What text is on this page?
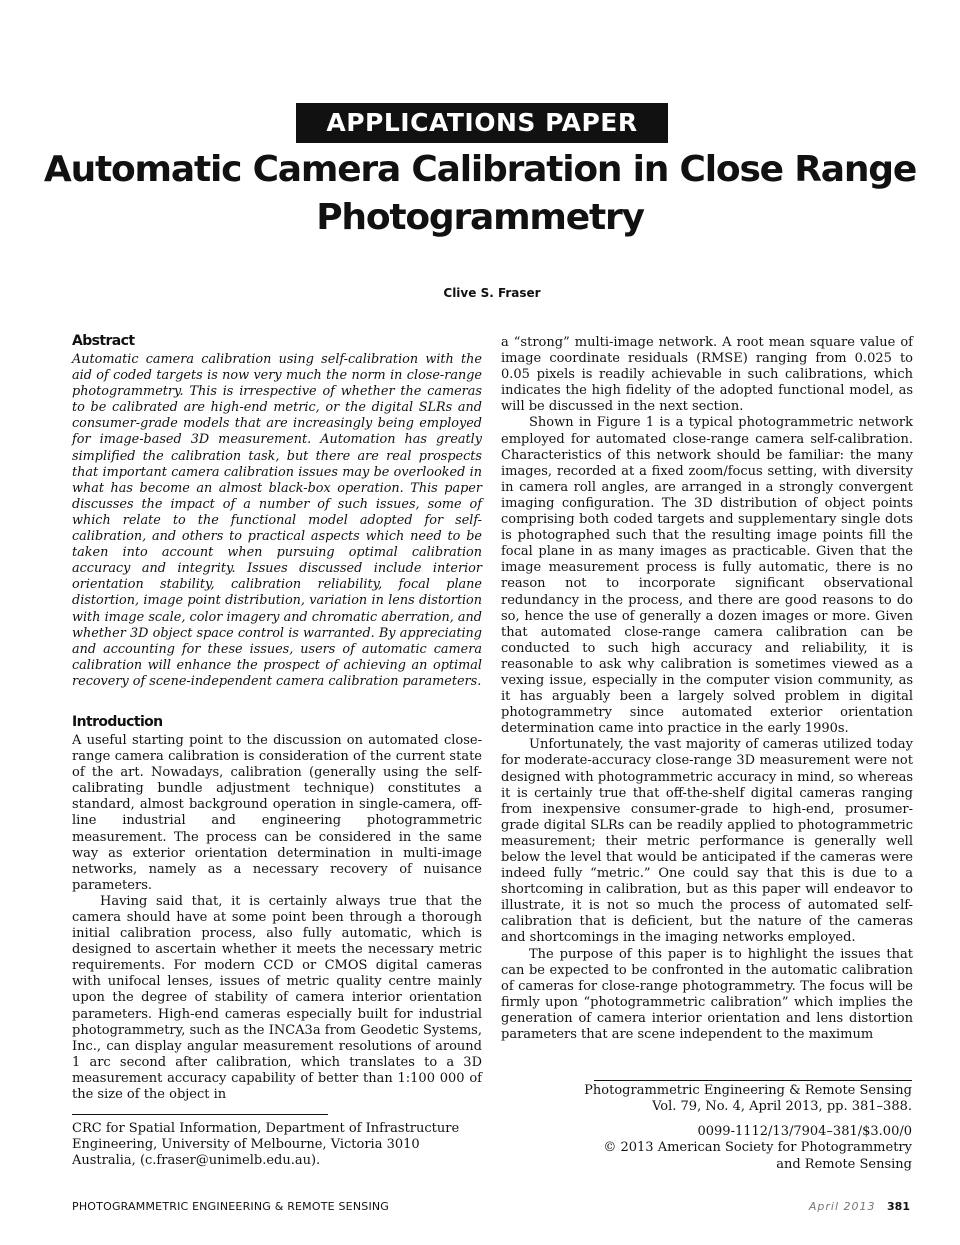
APPLICATIONS PAPER
Automatic Camera Calibration in Close Range Photogrammetry
Clive S. Fraser
Abstract

Automatic camera calibration using self-calibration with the aid of coded targets is now very much the norm in close-range photogrammetry. This is irrespective of whether the cameras to be calibrated are high-end metric, or the digital SLRs and consumer-grade models that are increasingly being employed for image-based 3D measurement. Automation has greatly simplified the calibration task, but there are real prospects that important camera calibration issues may be overlooked in what has become an almost black-box operation. This paper discusses the impact of a number of such issues, some of which relate to the functional model adopted for self-calibration, and others to practical aspects which need to be taken into account when pursuing optimal calibration accuracy and integrity. Issues discussed include interior orientation stability, calibration reliability, focal plane distortion, image point distribution, variation in lens distortion with image scale, color imagery and chromatic aberration, and whether 3D object space control is warranted. By appreciating and accounting for these issues, users of automatic camera calibration will enhance the prospect of achieving an optimal recovery of scene-independent camera calibration parameters.

Introduction

A useful starting point to the discussion on automated close-range camera calibration is consideration of the current state of the art. Nowadays, calibration (generally using the self-calibrating bundle adjustment technique) constitutes a standard, almost background operation in single-camera, off-line industrial and engineering photogrammetric measurement. The process can be considered in the same way as exterior orientation determination in multi-image networks, namely as a necessary recovery of nuisance parameters.

Having said that, it is certainly always true that the camera should have at some point been through a thorough initial calibration process, also fully automatic, which is designed to ascertain whether it meets the necessary metric requirements. For modern CCD or CMOS digital cameras with unifocal lenses, issues of metric quality centre mainly upon the degree of stability of camera interior orientation parameters. High-end cameras especially built for industrial photogrammetry, such as the INCA3a from Geodetic Systems, Inc., can display angular measurement resolutions of around 1 arc second after calibration, which translates to a 3D measurement accuracy capability of better than 1:100 000 of the size of the object in

a “strong” multi-image network. A root mean square value of image coordinate residuals (RMSE) ranging from 0.025 to 0.05 pixels is readily achievable in such calibrations, which indicates the high fidelity of the adopted functional model, as will be discussed in the next section.

Shown in Figure 1 is a typical photogrammetric network employed for automated close-range camera self-calibration. Characteristics of this network should be familiar: the many images, recorded at a fixed zoom/focus setting, with diversity in camera roll angles, are arranged in a strongly convergent imaging configuration. The 3D distribution of object points comprising both coded targets and supplementary single dots is photographed such that the resulting image points fill the focal plane in as many images as practicable. Given that the image measurement process is fully automatic, there is no reason not to incorporate significant observational redundancy in the process, and there are good reasons to do so, hence the use of generally a dozen images or more. Given that automated close-range camera calibration can be conducted to such high accuracy and reliability, it is reasonable to ask why calibration is sometimes viewed as a vexing issue, especially in the computer vision community, as it has arguably been a largely solved problem in digital photogrammetry since automated exterior orientation determination came into practice in the early 1990s.

Unfortunately, the vast majority of cameras utilized today for moderate-accuracy close-range 3D measurement were not designed with photogrammetric accuracy in mind, so whereas it is certainly true that off-the-shelf digital cameras ranging from inexpensive consumer-grade to high-end, prosumer-grade digital SLRs can be readily applied to photogrammetric measurement; their metric performance is generally well below the level that would be anticipated if the cameras were indeed fully “metric.” One could say that this is due to a shortcoming in calibration, but as this paper will endeavor to illustrate, it is not so much the process of automated self-calibration that is deficient, but the nature of the cameras and shortcomings in the imaging networks employed.

The purpose of this paper is to highlight the issues that can be expected to be confronted in the automatic calibration of cameras for close-range photogrammetry. The focus will be firmly upon “photogrammetric calibration” which implies the generation of camera interior orientation and lens distortion parameters that are scene independent to the maximum

Photogrammetric Engineering & Remote Sensing
Vol. 79, No. 4, April 2013, pp. 381–388.
0099-1112/13/7904–381/$3.00/0
© 2013 American Society for Photogrammetry
and Remote Sensing

CRC for Spatial Information, Department of Infrastructure Engineering, University of Melbourne, Victoria 3010 Australia, (c.fraser@unimelb.edu.au).

PHOTOGRAMMETRIC ENGINEERING & REMOTE SENSING	April 2013 381
